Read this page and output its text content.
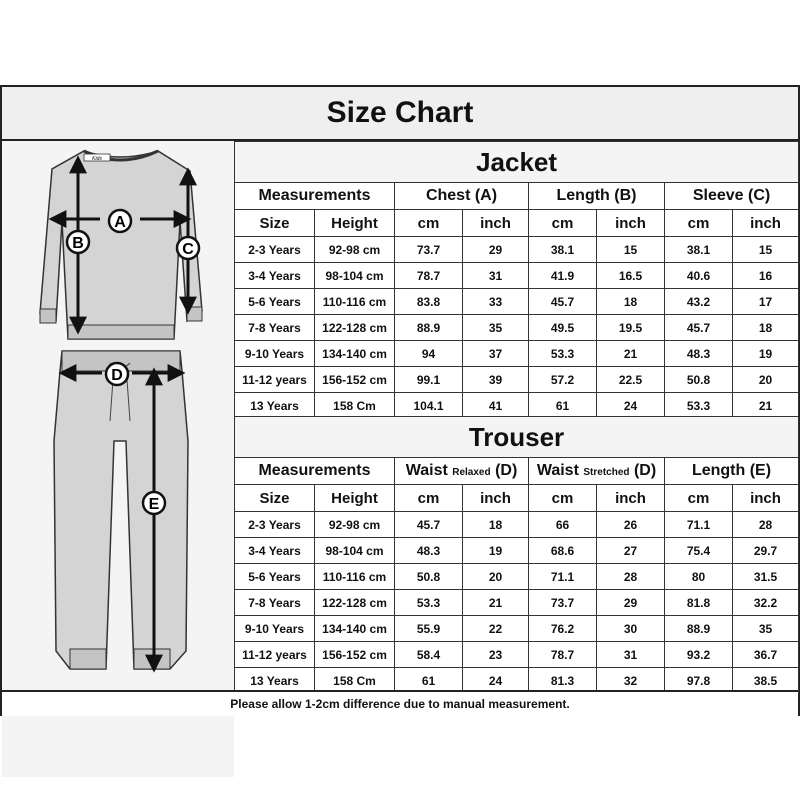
Size Chart
Kids
A
B	C
D
E
Jacket							
Measurements		Chest (A)		Length (B)		Sleeve (C)	
Size	Height	cm	inch	cm	inch	cm	inch
2-3 Years	92-98 cm	73.7	29	38.1	15	38.1	15
3-4 Years	98-104 cm	78.7	31	41.9	16.5	40.6	16
5-6 Years	110-116 cm	83.8	33	45.7	18	43.2	17
7-8 Years	122-128 cm	88.9	35	49.5	19.5	45.7	18
9-10 Years	134-140 cm	94	37	53.3	21	48.3	19
11-12 years	156-152 cm	99.1	39	57.2	22.5	50.8	20
13 Years	158 Cm	104.1	41	61	24	53.3	21
Trouser							
Measurements		Waist Relaxed (D)		Waist Stretched (D)		Length (E)	
Size	Height	cm	inch	cm	inch	cm	inch
2-3 Years	92-98 cm	45.7	18	66	26	71.1	28
3-4 Years	98-104 cm	48.3	19	68.6	27	75.4	29.7
5-6 Years	110-116 cm	50.8	20	71.1	28	80	31.5
7-8 Years	122-128 cm	53.3	21	73.7	29	81.8	32.2
9-10 Years	134-140 cm	55.9	22	76.2	30	88.9	35
11-12 years	156-152 cm	58.4	23	78.7	31	93.2	36.7
13 Years	158 Cm	61	24	81.3	32	97.8	38.5
Please allow 1-2cm difference due to manual measurement.
